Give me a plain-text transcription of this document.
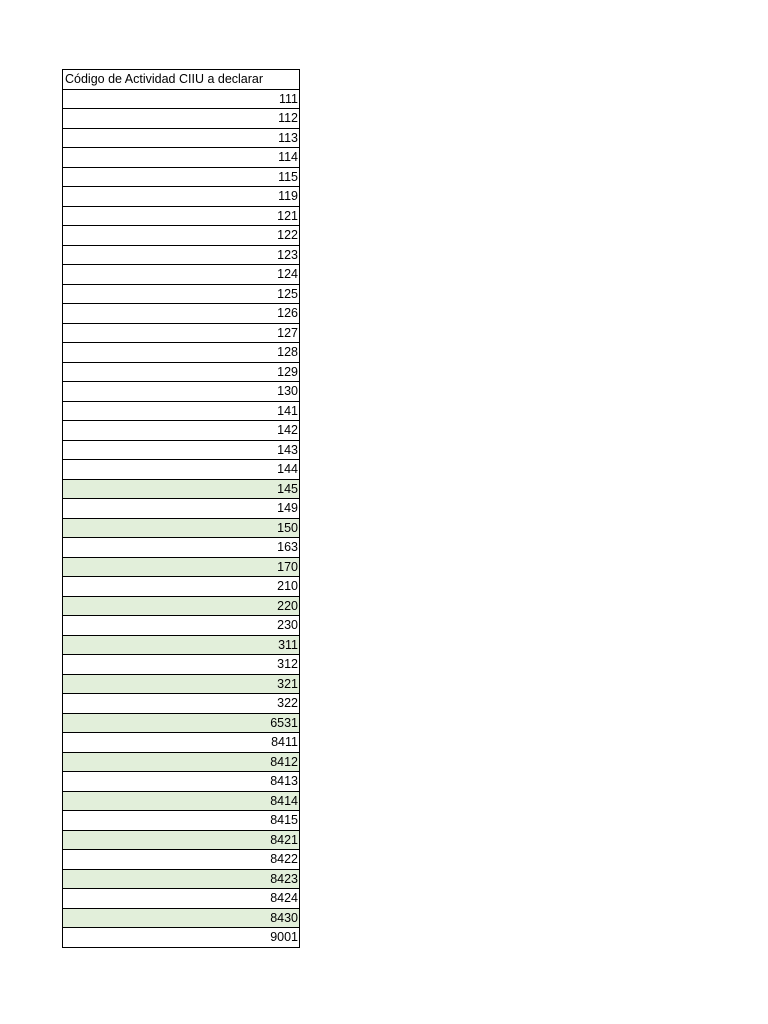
Código de Actividad CIIU a declarar
111
112
113
114
115
119
121
122
123
124
125
126
127
128
129
130
141
142
143
144
145
149
150
163
170
210
220
230
311
312
321
322
6531
8411
8412
8413
8414
8415
8421
8422
8423
8424
8430
9001
